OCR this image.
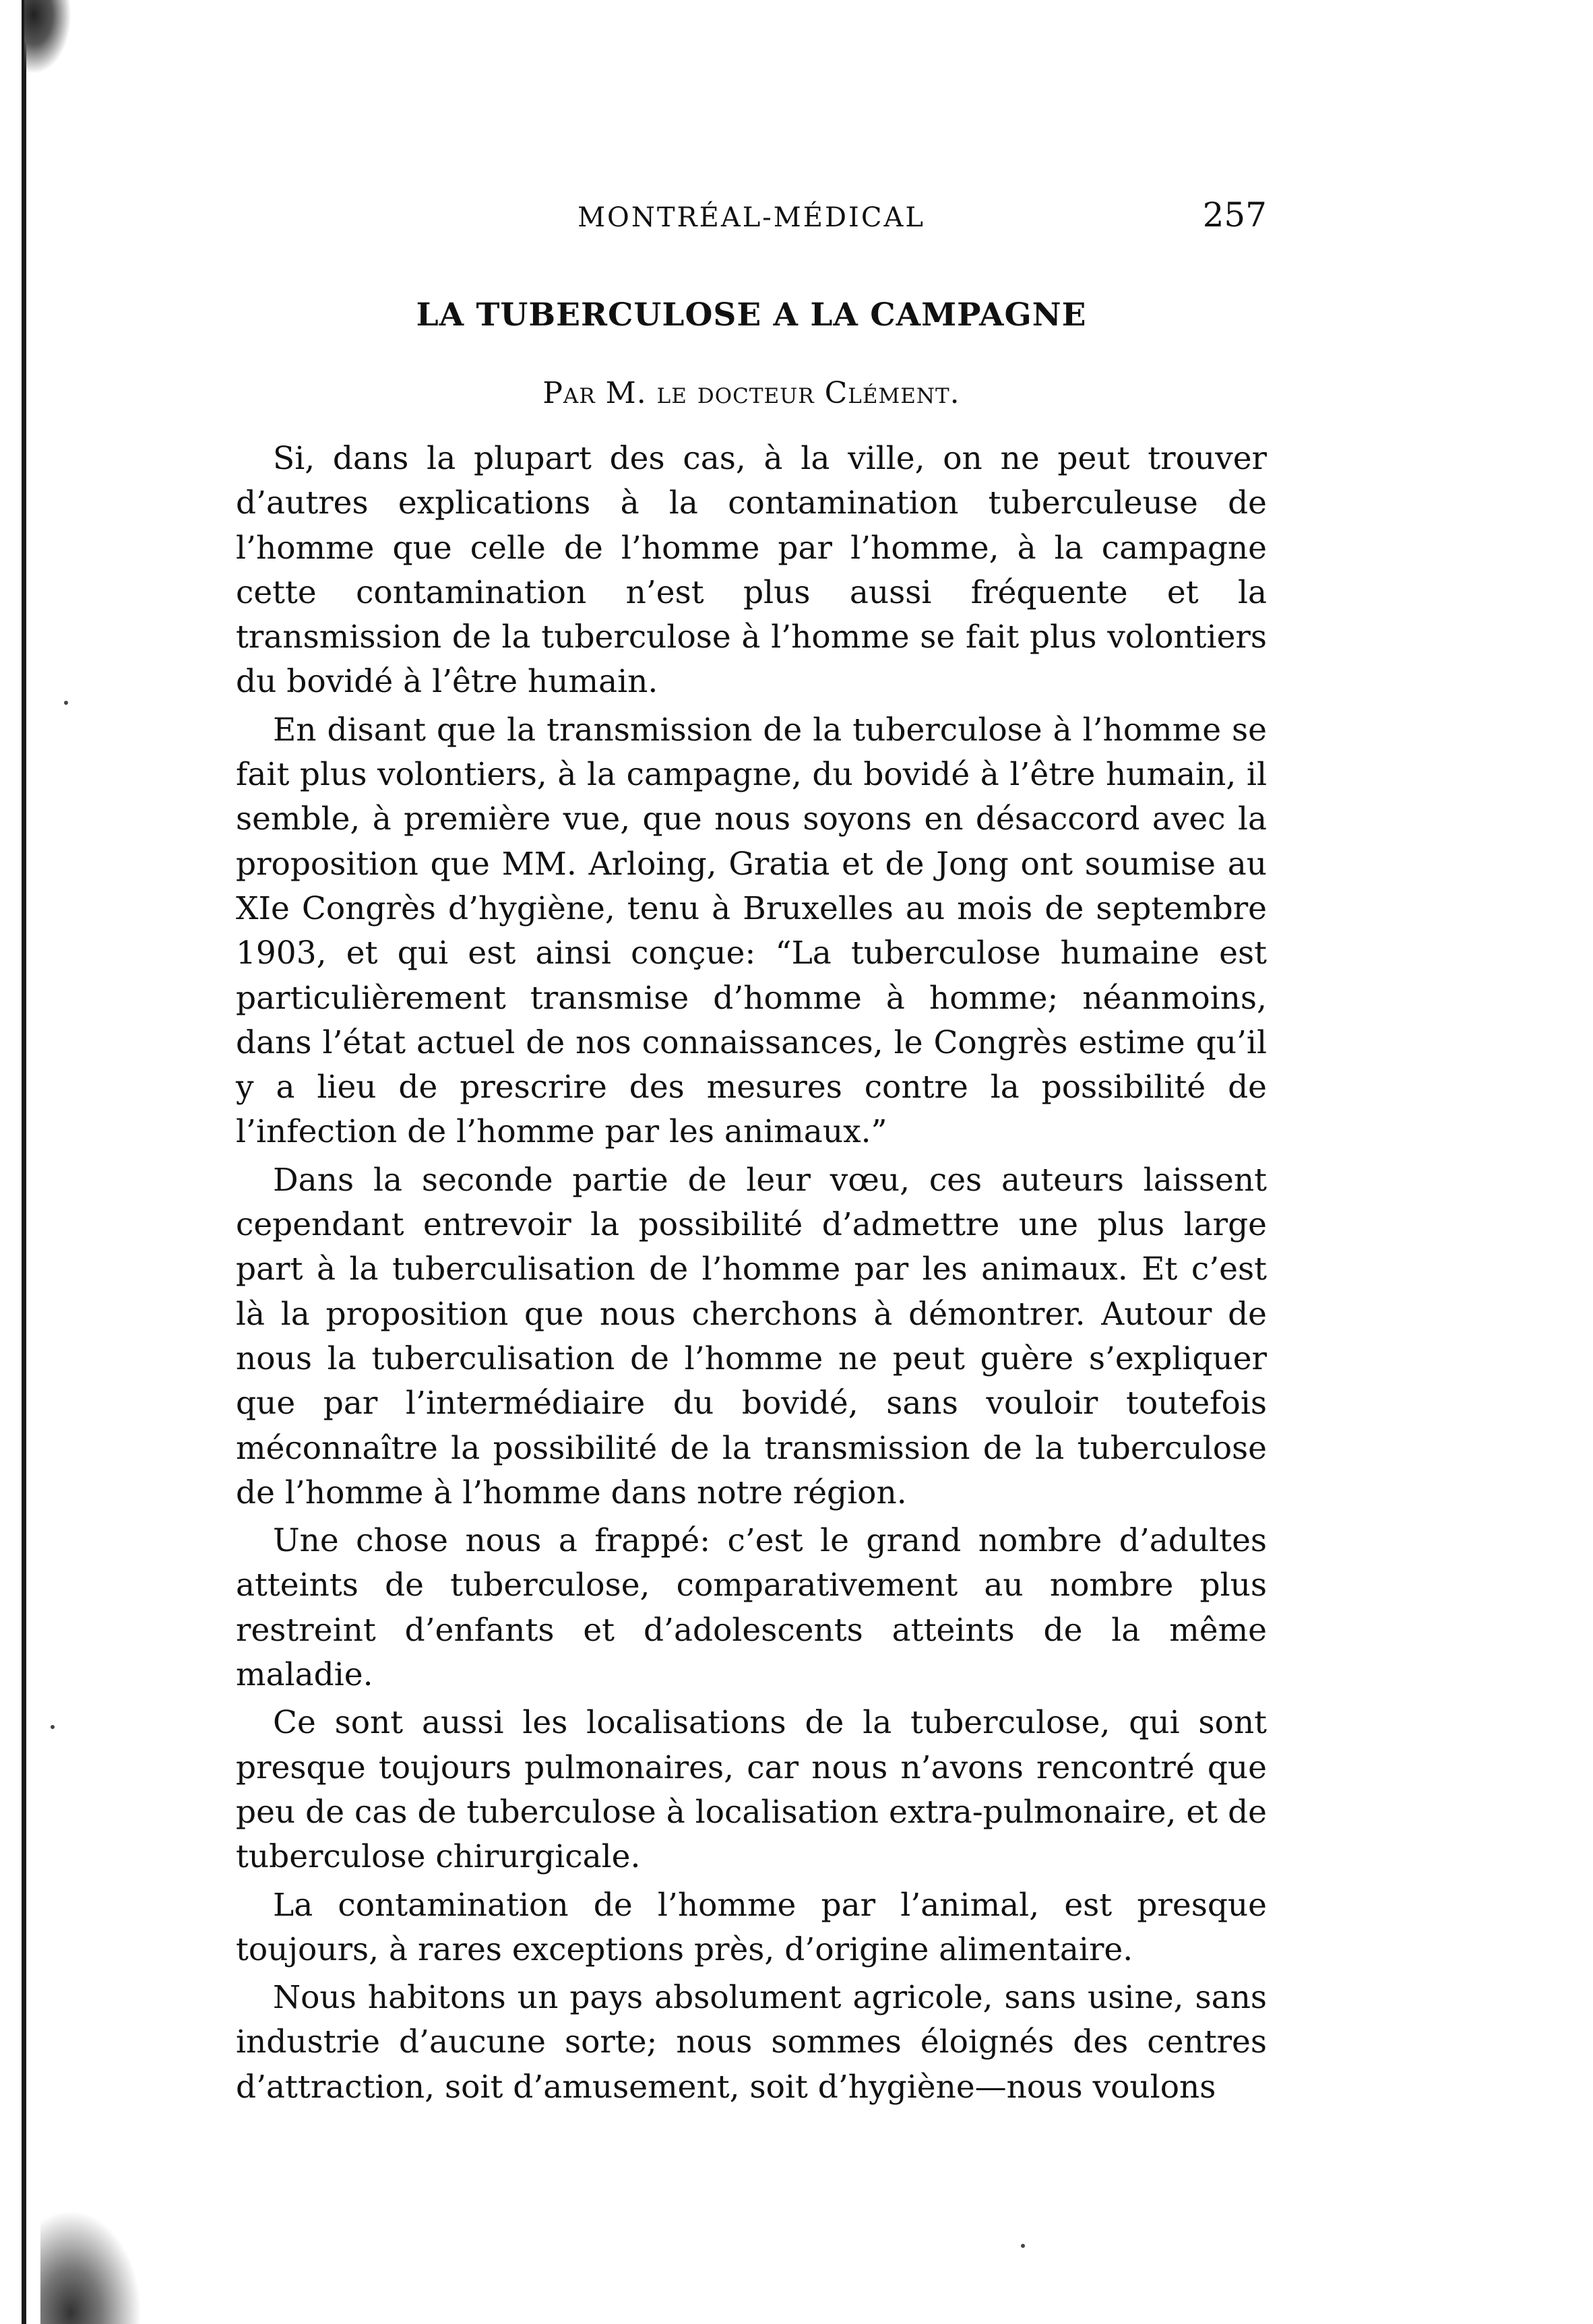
MONTRÉAL-MÉDICAL	257
LA TUBERCULOSE A LA CAMPAGNE
Par M. le docteur Clément.

Si, dans la plupart des cas, à la ville, on ne peut trouver d’autres explications à la contamination tuberculeuse de l’homme que celle de l’homme par l’homme, à la campagne cette contamination n’est plus aussi fréquente et la transmission de la tuberculose à l’homme se fait plus volontiers du bovidé à l’être humain.

En disant que la transmission de la tuberculose à l’homme se fait plus volontiers, à la campagne, du bovidé à l’être humain, il semble, à première vue, que nous soyons en désaccord avec la proposition que MM. Arloing, Gratia et de Jong ont soumise au XIe Congrès d’hygiène, tenu à Bruxelles au mois de septembre 1903, et qui est ainsi conçue: “La tuberculose humaine est particulièrement transmise d’homme à homme; néanmoins, dans l’état actuel de nos connaissances, le Congrès estime qu’il y a lieu de prescrire des mesures contre la possibilité de l’infection de l’homme par les animaux.”

Dans la seconde partie de leur vœu, ces auteurs laissent cependant entrevoir la possibilité d’admettre une plus large part à la tuberculisation de l’homme par les animaux. Et c’est là la proposition que nous cherchons à démontrer. Autour de nous la tuberculisation de l’homme ne peut guère s’expliquer que par l’intermédiaire du bovidé, sans vouloir toutefois méconnaître la possibilité de la transmission de la tuberculose de l’homme à l’homme dans notre région.

Une chose nous a frappé: c’est le grand nombre d’adultes atteints de tuberculose, comparativement au nombre plus restreint d’enfants et d’adolescents atteints de la même maladie.

Ce sont aussi les localisations de la tuberculose, qui sont presque toujours pulmonaires, car nous n’avons rencontré que peu de cas de tuberculose à localisation extra-pulmonaire, et de tuberculose chirurgicale.

La contamination de l’homme par l’animal, est presque toujours, à rares exceptions près, d’origine alimentaire.

Nous habitons un pays absolument agricole, sans usine, sans industrie d’aucune sorte; nous sommes éloignés des centres d’attraction, soit d’amusement, soit d’hygiène—nous voulons
